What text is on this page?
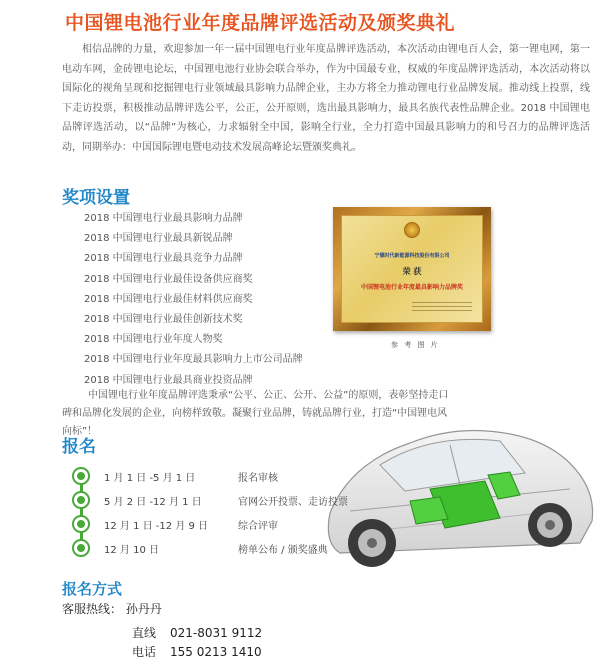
中国锂电池行业年度品牌评选活动及颁奖典礼

相信品牌的力量，欢迎参加一年一届中国锂电行业年度品牌评选活动，本次活动由锂电百人会，第一锂电网，第一电动车网，金砖锂电论坛，中国锂电池行业协会联合举办，作为中国最专业，权威的年度品牌评选活动，本次活动将以国际化的视角呈现和挖掘锂电行业领域最具影响力品牌企业，主办方将全力推动锂电行业品牌发展。推动线上投票，线下走访投票，积极推动品牌评选公平，公正，公开原则，选出最具影响力，最具名族代表性品牌企业。2018 中国锂电品牌评选活动，以“品牌”为核心，力求辐射全中国，影响全行业，全力打造中国最具影响力的和号召力的品牌评选活动，同期举办：中国国际锂电暨电动技术发展高峰论坛暨颁奖典礼。

奖项设置
2018 中国锂电行业最具影响力品牌
2018 中国锂电行业最具新锐品牌
2018 中国锂电行业最具竞争力品牌
2018 中国锂电行业最佳设备供应商奖
2018 中国锂电行业最佳材料供应商奖
2018 中国锂电行业最佳创新技术奖
2018 中国锂电行业年度人物奖
2018 中国锂电行业年度最具影响力上市公司品牌
2018 中国锂电行业最具商业投资品牌
宁德时代新能源科技股份有限公司
荣 获
中国锂电池行业年度最具影响力品牌奖
参 考 图 片

中国锂电行业年度品牌评选秉承“公平、公正、公开、公益”的原则，表彰坚持走口碑和品牌化发展的企业，向榜样致敬。凝聚行业品牌，铸就品牌行业，打造“中国锂电风向标”！

报名
1 月 1 日 -5 月 1 日	报名审核
5 月 2 日 -12 月 1 日	官网公开投票、走访投票
12 月 1 日 -12 月 9 日	综合评审
12 月 10 日	榜单公布 / 颁奖盛典
报名方式
客服热线： 孙丹丹
直线 021-8031 9112
电话 155 0213 1410
